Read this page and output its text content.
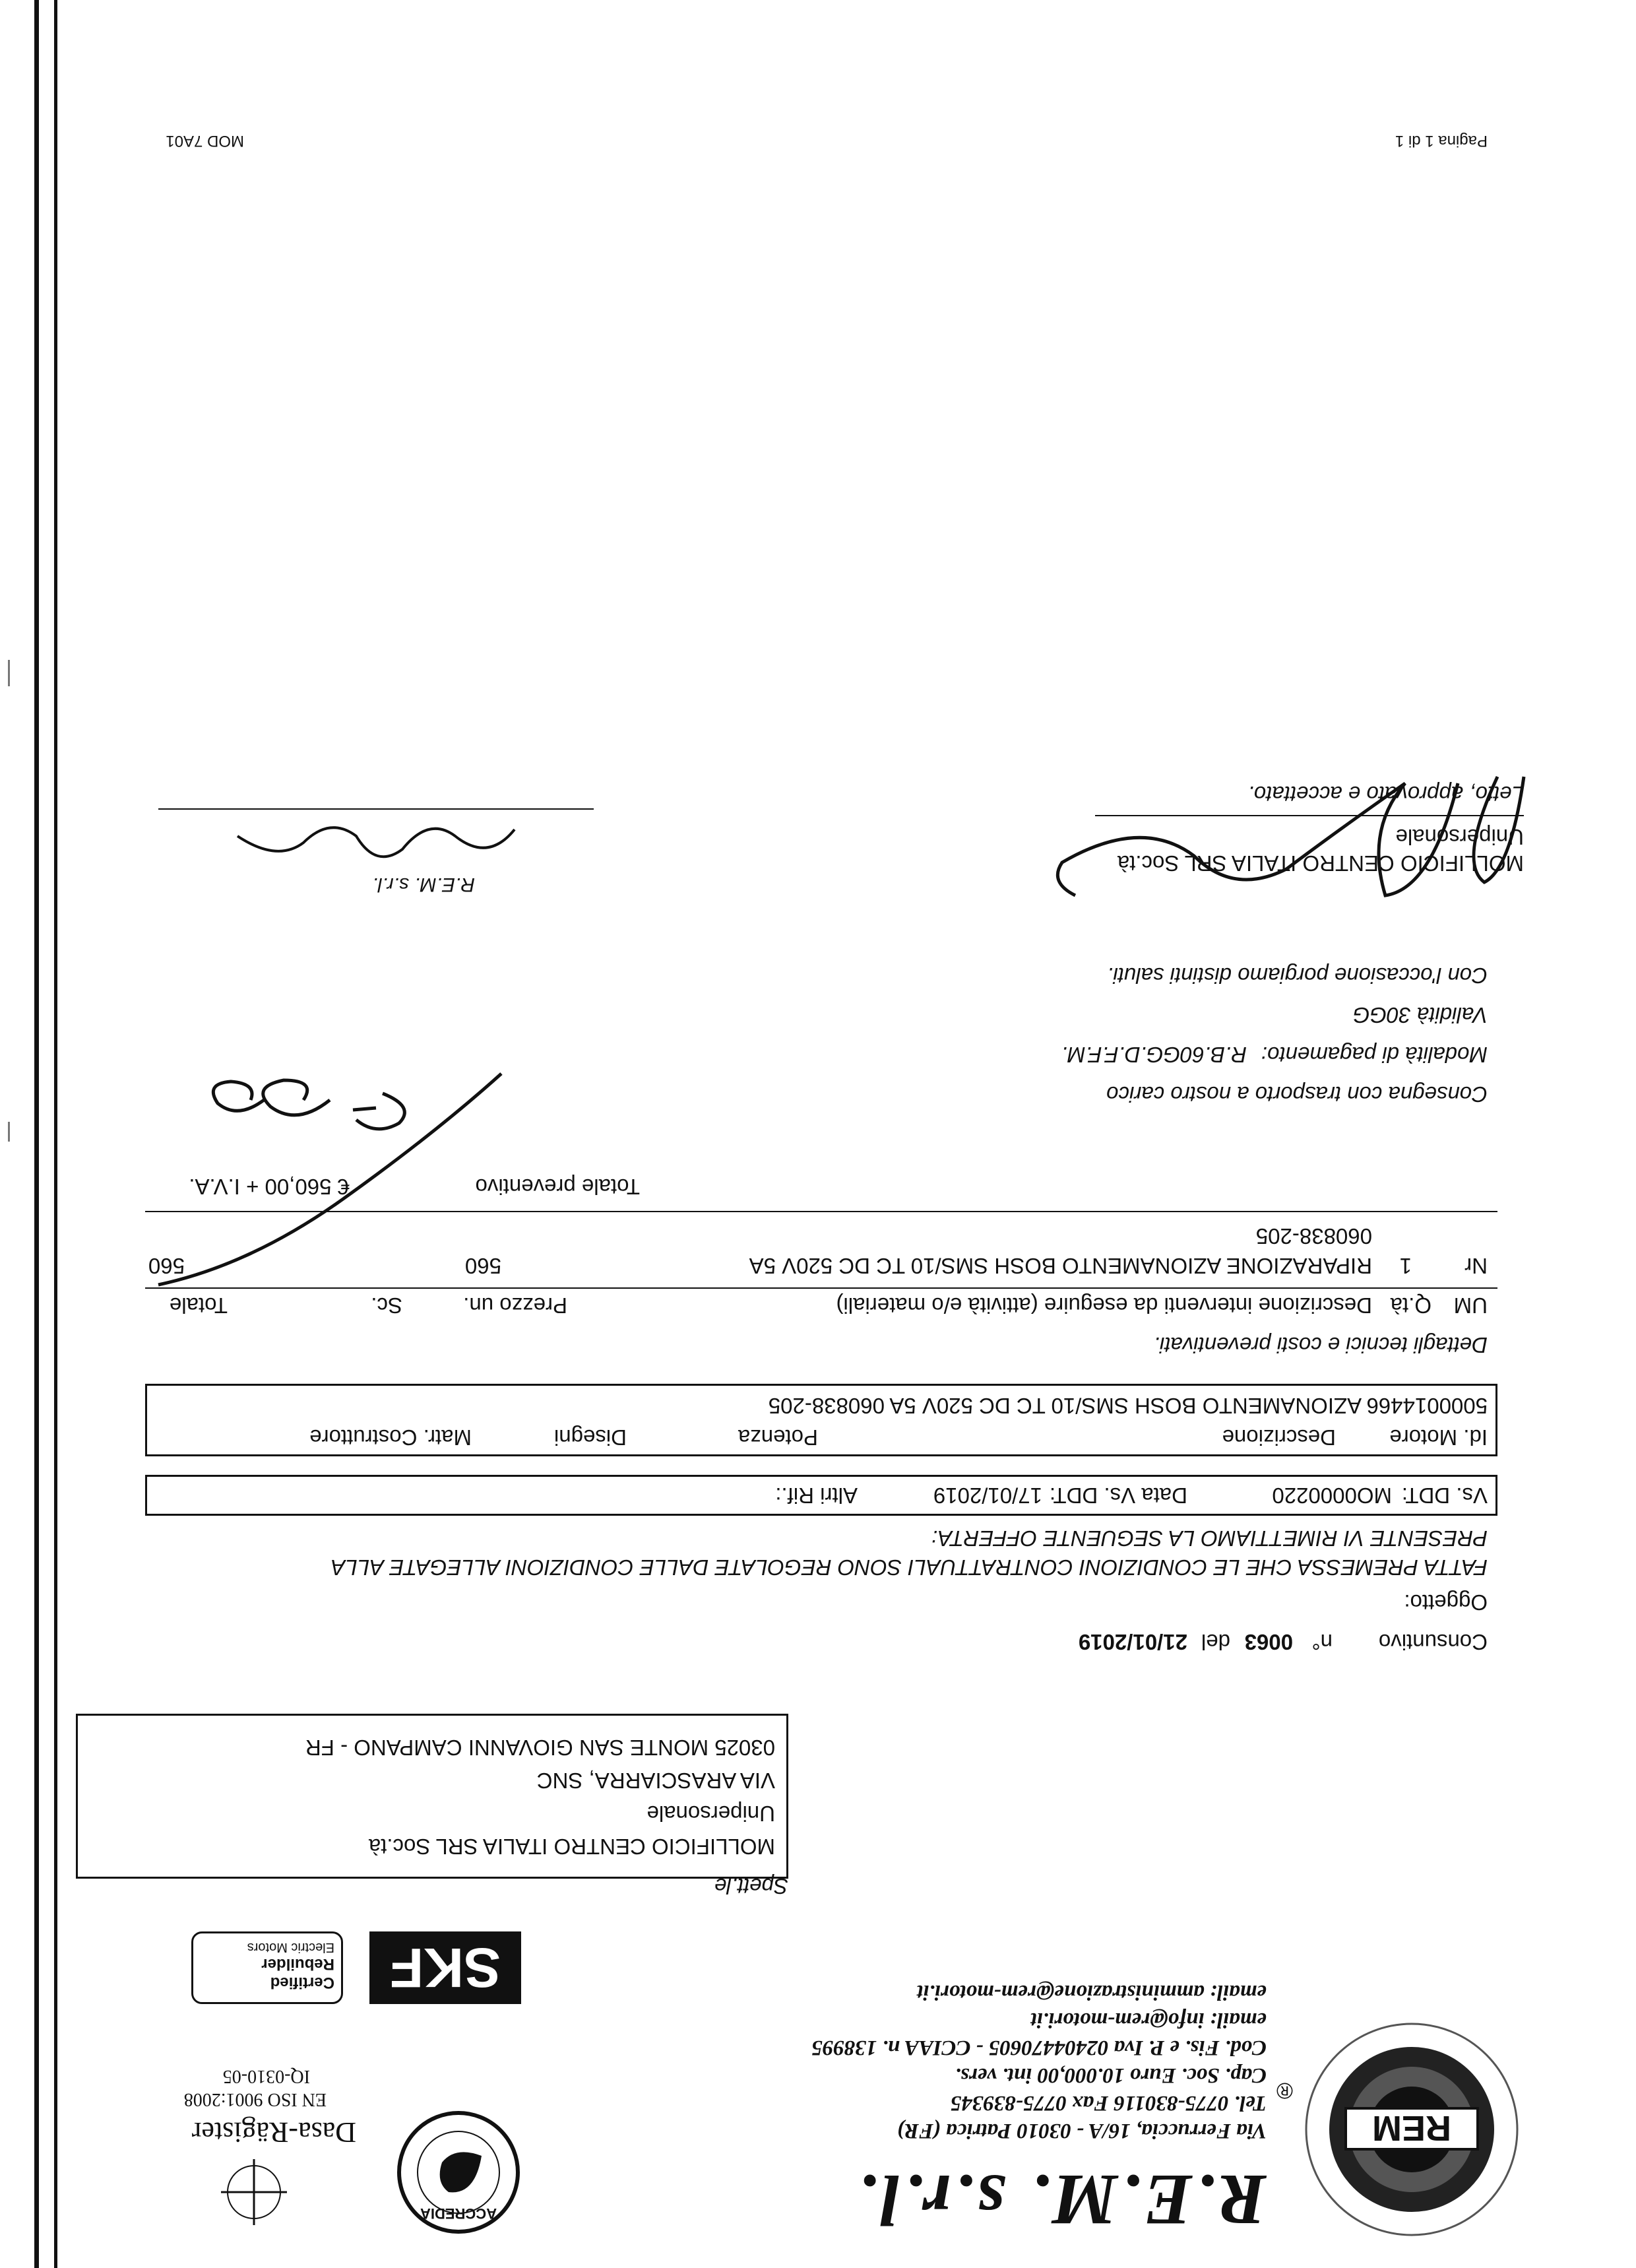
REM
®
R.E.M. s.r.l.
Via Ferruccia, 16/A - 03010 Patrica (FR)
Tel. 0775-830116 Fax 0775-839345
Cap. Soc. Euro 10.000,00 int. vers.
Cod. Fis. e P. Iva 02404470605 - CCIAA n. 138995
email: info@rem-motori.it
email: amministrazione@rem-motori.it
ACCREDIA
Dasa-Rägister
EN ISO 9001:2008
IQ-0310-05
SKF
Certified Rebuilder
Electric Motors
Spett.le
MOLLIFICIO CENTRO ITALIA SRL Soc.tà
Unipersonale
VIA ARASCIARRA, SNC
03025 MONTE SAN GIOVANNI CAMPANO - FR
Consuntivo
n°
0063
del
21/01/2019
Oggetto:
FATTA PREMESSA CHE LE CONDIZIONI CONTRATTUALI SONO REGOLATE DALLE CONDIZIONI ALLEGATE ALLA PRESENTE VI RIMETTIAMO LA SEGUENTE OFFERTA:
Vs. DDT:
MO0000220
Data Vs. DDT:
17/01/2019
Altri Rif.:
Id. Motore
Descrizione
Potenza
Disegni
Matr. Costruttore
5000014466 AZIONAMENTO BOSH SMS/10 TC DC 520V 5A 060838-205
Dettagli tecnici e costi preventivati.
UM
Q.tà
Descrizione interventi da eseguire (attività e/o materiali)
Prezzo un.
Sc.
Totale
Nr
1
RIPARAZIONE AZIONAMENTO BOSH SMS/10 TC DC 520V 5A
060838-205
560
560
Totale preventivo
€ 560,00 + I.V.A.
Consegna con trasporto a nostro carico
Modalità di pagamento:
R.B.60GG.D.F.F.M.
Validità 30GG
Con l'occasione porgiamo distinti saluti.
MOLLIFICIO CENTRO ITALIA SRL Soc.tà
Unipersonale
Letto, approvato e accettato.
R.E.M. s.r.l.
Pagina 1 di 1
MOD 7A01
